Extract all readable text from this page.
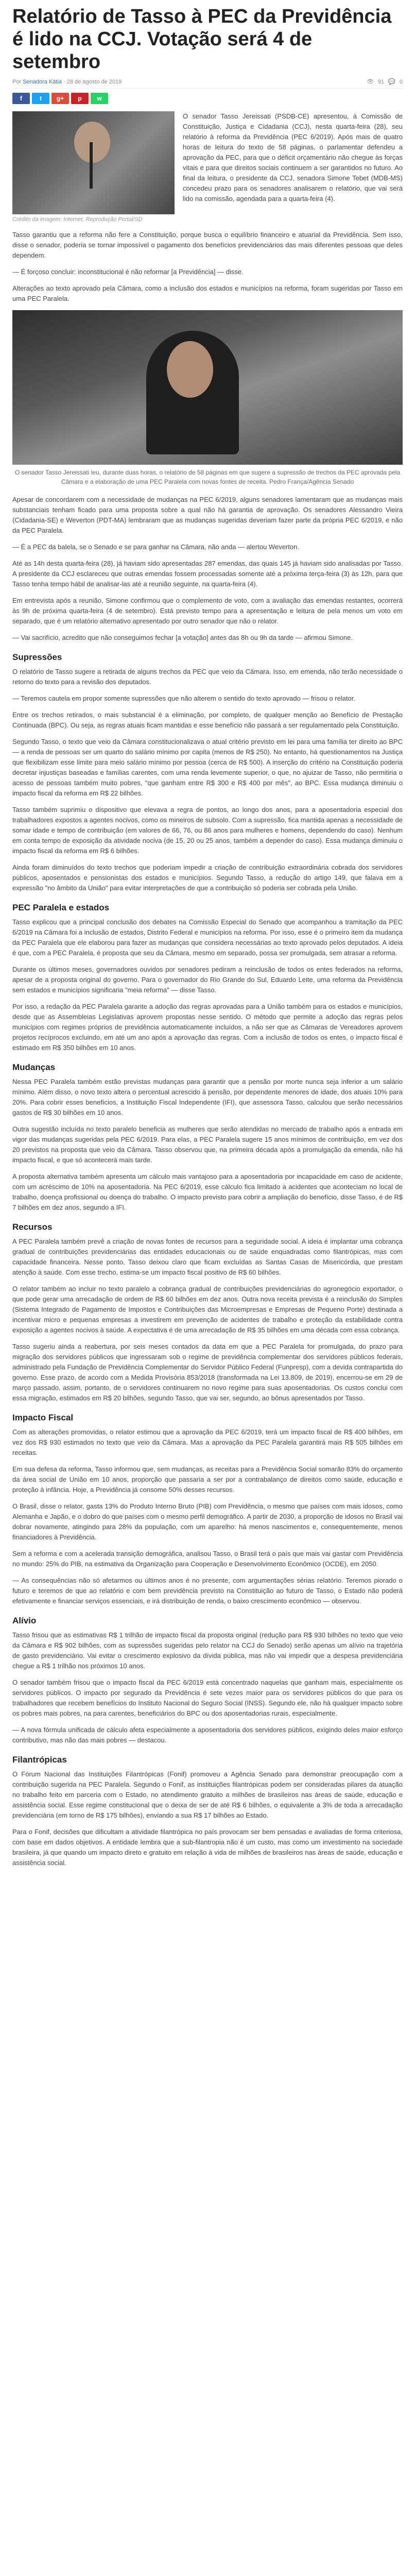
Relatório de Tasso à PEC da Previdência é lido na CCJ. Votação será 4 de setembro
Por Senadora Kátia - 28 de agosto de 2019	👁 91 💬 0
f	t	g+	p	w
Crédito da imagem: Internet. Reprodução Portal/SD

O senador Tasso Jereissati (PSDB-CE) apresentou, à Comissão de Constituição, Justiça e Cidadania (CCJ), nesta quarta-feira (28), seu relatório à reforma da Previdência (PEC 6/2019). Após mais de quatro horas de leitura do texto de 58 páginas, o parlamentar defendeu a aprovação da PEC, para que o déficit orçamentário não chegue às forças vitais e para que direitos sociais continuem a ser garantidos no futuro. Ao final da leitura, o presidente da CCJ, senadora Simone Tebet (MDB-MS) concedeu prazo para os senadores analisarem o relatório, que vai será lido na comissão, agendada para a quarta-feira (4).

Tasso garantiu que a reforma não fere a Constituição, porque busca o equilíbrio financeiro e atuarial da Previdência. Sem isso, disse o senador, poderia se tornar impossível o pagamento dos benefícios previdenciários das mais diferentes pessoas que deles dependem.

— É forçoso concluir: inconstitucional é não reformar [a Previdência] — disse.

Alterações ao texto aprovado pela Câmara, como a inclusão dos estados e municípios na reforma, foram sugeridas por Tasso em uma PEC Paralela.

O senador Tasso Jereissati leu, durante duas horas, o relatório de 58 páginas em que sugere a supressão de trechos da PEC aprovada pela Câmara e a elaboração de uma PEC Paralela com novas fontes de receita. Pedro França/Agência Senado

Apesar de concordarem com a necessidade de mudanças na PEC 6/2019, alguns senadores lamentaram que as mudanças mais substanciais tenham ficado para uma proposta sobre a qual não há garantia de aprovação. Os senadores Alessandro Vieira (Cidadania-SE) e Weverton (PDT-MA) lembraram que as mudanças sugeridas deveriam fazer parte da própria PEC 6/2019, e não da PEC Paralela.

— É a PEC da balela, se o Senado e se para ganhar na Câmara, não anda — alertou Weverton.

Até as 14h desta quarta-feira (28), já haviam sido apresentadas 287 emendas, das quais 145 já haviam sido analisadas por Tasso. A presidente da CCJ esclareceu que outras emendas fossem processadas somente até a próxima terça-feira (3) às 12h, para que Tasso tenha tempo hábil de analisar-las até a reunião seguinte, na quarta-feira (4).

Em entrevista após a reunião, Simone confirmou que o complemento de voto, com a avaliação das emendas restantes, ocorrerá às 9h de próxima quarta-feira (4 de setembro). Está previsto tempo para a apresentação e leitura de pela menos um voto em separado, que é um relatório alternativo apresentado por outro senador que não o relator.

— Vai sacrifício, acredito que não conseguimos fechar [a votação] antes das 8h ou 9h da tarde — afirmou Simone.

Supressões

O relatório de Tasso sugere a retirada de alguns trechos da PEC que veio da Câmara. Isso, em emenda, não terão necessidade o retorno do texto para a revisão dos deputados.

— Teremos cautela em propor somente supressões que não alterem o sentido do texto aprovado — frisou o relator.

Entre os trechos retirados, o mais substancial é a eliminação, por completo, de qualquer menção ao Benefício de Prestação Continuada (BPC). Ou seja, as regras atuais ficam mantidas e esse benefício não passará a ser regulamentado pela Constituição.

Segundo Tasso, o texto que veio da Câmara constitucionalizava o atual critério previsto em lei para uma família ter direito ao BPC — a renda de pessoas ser um quarto do salário mínimo por capita (menos de R$ 250). No entanto, há questionamentos na Justiça que flexibilizam esse limite para meio salário mínimo por pessoa (cerca de R$ 500). A inserção do critério na Constituição poderia decretar injustiças baseadas e famílias carentes, com uma renda levemente superior, o que, no ajuizar de Tasso, não permitiria o acesso de pessoas também muito pobres, "que ganham entre R$ 300 e R$ 400 por mês", ao BPC. Essa mudança diminuiu o impacto fiscal da reforma em R$ 22 bilhões.

Tasso também suprimiu o dispositivo que elevava a regra de pontos, ao longo dos anos, para a aposentadoria especial dos trabalhadores expostos a agentes nocivos, como os mineiros de subsolo. Com a supressão, fica mantida apenas a necessidade de somar idade e tempo de contribuição (em valores de 66, 76, ou 86 anos para mulheres e homens, dependendo do caso). Nenhum em conta tempo de exposição da atividade nociva (de 15, 20 ou 25 anos, também a depender do caso). Essa mudança diminuiu o impacto fiscal da reforma em R$ 6 bilhões.

Ainda foram diminuídos do texto trechos que poderiam impedir a criação de contribuição extraordinária cobrada dos servidores públicos, aposentados e pensionistas dos estados e municípios. Segundo Tasso, a redução do artigo 149, que falava em a expressão "no âmbito da União" para evitar interpretações de que a contribuição só poderia ser cobrada pela União.

PEC Paralela e estados

Tasso explicou que a principal conclusão dos debates na Comissão Especial do Senado que acompanhou a tramitação da PEC 6/2019 na Câmara foi a inclusão de estados, Distrito Federal e municípios na reforma. Por isso, esse é o primeiro item da mudança da PEC Paralela que ele elaborou para fazer as mudanças que considera necessárias ao texto aprovado pelos deputados. A ideia é que, com a PEC Paralela, é proposta que seu da Câmara, mesmo em separado, possa ser promulgada, sem atrasar a reforma.

Durante os últimos meses, governadores ouvidos por senadores pediram a reinclusão de todos os entes federados na reforma, apesar de a proposta original do governo. Para o governador do Rio Grande do Sul, Eduardo Leite, uma reforma da Previdência sem estados e municípios significaria "meia reforma" — disse Tasso.

Por isso, a redação da PEC Paralela garante a adoção das regras aprovadas para a União também para os estados e municípios, desde que as Assembleias Legislativas aprovem propostas nesse sentido. O método que permite a adoção das regras pelos municípios com regimes próprios de previdência automaticamente incluídos, a não ser que as Câmaras de Vereadores aprovem projetos recíprocos excluindo, em até um ano após a aprovação das regras. Com a inclusão de todos os entes, o impacto fiscal é estimado em R$ 350 bilhões em 10 anos.

Mudanças

Nessa PEC Paralela também estão previstas mudanças para garantir que a pensão por morte nunca seja inferior a um salário mínimo. Além disso, o novo texto altera o percentual acrescido à pensão, por dependente menores de idade, dos atuais 10% para 20%. Para cobrir esses benefícios, a Instituição Fiscal Independente (IFI), que assessora Tasso, calculou que serão necessários gastos de R$ 30 bilhões em 10 anos.

Outra sugestão incluída no texto paralelo beneficia as mulheres que serão atendidas no mercado de trabalho após a entrada em vigor das mudanças sugeridas pela PEC 6/2019. Para elas, a PEC Paralela sugere 15 anos mínimos de contribuição, em vez dos 20 previstos na proposta que veio da Câmara. Tasso observou que, na primeira década após a promulgação da emenda, não há impacto fiscal, e que só acontecerá mais tarde.

A proposta alternativa também apresenta um cálculo mais vantajoso para a aposentadoria por incapacidade em caso de acidente, com um acréscimo de 10% na aposentadoria. Na PEC 6/2019, esse cálculo fica limitado a acidentes que aconteciam no local de trabalho, doença profissional ou doença do trabalho. O impacto previsto para cobrir a ampliação do benefício, disse Tasso, é de R$ 7 bilhões em dez anos, segundo a IFI.

Recursos

A PEC Paralela também prevê a criação de novas fontes de recursos para a seguridade social. A ideia é implantar uma cobrança gradual de contribuições previdenciárias das entidades educacionais ou de saúde enquadradas como filantrópicas, mas com capacidade financeira. Nesse ponto, Tasso deixou claro que ficam excluídas as Santas Casas de Misericórdia, que prestam atenção à saúde. Com esse trecho, estima-se um impacto fiscal positivo de R$ 60 bilhões.

O relator também ao incluir no texto paralelo a cobrança gradual de contribuições previdenciárias do agronegócio exportador, o que pode gerar uma arrecadação de ordem de R$ 60 bilhões em dez anos. Outra nova receita prevista é a reinclusão do Simples (Sistema Integrado de Pagamento de Impostos e Contribuições das Microempresas e Empresas de Pequeno Porte) destinada a incentivar micro e pequenas empresas a investirem em prevenção de acidentes de trabalho e proteção da estabilidade contra exposição a agentes nocivos à saúde. A expectativa é de uma arrecadação de R$ 35 bilhões em uma década com essa cobrança.

Tasso sugeriu ainda a reabertura, por seis meses contados da data em que a PEC Paralela for promulgada, do prazo para migração dos servidores públicos que ingressaram sob o regime de previdência complementar dos servidores públicos federais, administrado pela Fundação de Previdência Complementar do Servidor Público Federal (Funpresp), com a devida contrapartida do governo. Esse prazo, de acordo com a Medida Provisória 853/2018 (transformada na Lei 13.809, de 2019), encerrou-se em 29 de março passado, assim, portanto, de o servidores continuarem no novo regime para suas aposentadorias. Os custos conclui com essa migração, estimados em R$ 20 bilhões, segundo Tasso, que vai ser, segundo, ao bônus apresentados por Tasso.

Impacto Fiscal

Com as alterações promovidas, o relator estimou que a aprovação da PEC 6/2019, terá um impacto fiscal de R$ 400 bilhões, em vez dos R$ 930 estimados no texto que veio da Câmara. Mas a aprovação da PEC Paralela garantirá mais R$ 505 bilhões em receitas.

Em sua defesa da reforma, Tasso informou que, sem mudanças, as receitas para a Previdência Social somarão 83% do orçamento da área social de União em 10 anos, proporção que passaria a ser por a contrabalanço de direitos como saúde, educação e proteção à infância. Hoje, a Previdência já consome 50% desses recursos.

O Brasil, disse o relator, gasta 13% do Produto Interno Bruto (PIB) com Previdência, o mesmo que países com mais idosos, como Alemanha e Japão, e o dobro do que países com o mesmo perfil demográfico. A partir de 2030, a proporção de idosos no Brasil vai dobrar novamente, atingindo para 28% da população, com um aparelho: há menos nascimentos e, consequentemente, menos financiadores à Previdência.

Sem a reforma e com a acelerada transição demográfica, analisou Tasso, o Brasil terá o país que mais vai gastar com Previdência no mundo: 25% do PIB, na estimativa da Organização para Cooperação e Desenvolvimento Econômico (OCDE), em 2050.

— As consequências não só afetarmos ou últimos anos é no presente, com argumentações sérias relatório. Teremos piorado o futuro e teremos de que ao relatório e com bem previdência previsto na Constituição ao futuro de Tasso, o Estado não poderá efetivamente e financiar serviços essenciais, e irá distribuição de renda, o baixo crescimento econômico — observou.

Alívio

Tasso frisou que as estimativas R$ 1 trilhão de impacto fiscal da proposta original (redução para R$ 930 bilhões no texto que veio da Câmara e R$ 902 bilhões, com as supressões sugeridas pelo relator na CCJ do Senado) serão apenas um alívio na trajetória de gasto previdenciário. Vai evitar o crescimento explosivo da dívida pública, mas não vai impedir que a despesa previdenciária chegue a R$ 1 trilhão nos próximos 10 anos.

O senador também frisou que o impacto fiscal da PEC 6/2019 está concentrado naquelas que ganham mais, especialmente os servidores públicos. O impacto por segurado da Previdência é sete vezes maior para os servidores públicos do que para os trabalhadores que recebem benefícios do Instituto Nacional do Seguro Social (INSS). Segundo ele, não há qualquer impacto sobre os pobres mais pobres, na para carentes, beneficiários do BPC ou dos aposentadorias rurais, especialmente.

— A nova fórmula unificada de cálculo afeta especialmente a aposentadoria dos servidores públicos, exigindo deles maior esforço contributivo, mas não das mais pobres — destacou.

Filantrópicas

O Fórum Nacional das Instituições Filantrópicas (Fonif) promoveu a Agência Senado para demonstrar preocupação com a contribuição sugerida na PEC Paralela. Segundo o Fonif, as instituições filantrópicas podem ser consideradas pilares da atuação no trabalho feito em parceria com o Estado, no atendimento gratuito a milhões de brasileiros nas áreas de saúde, educação e assistência social. Esse regime constitucional que o deixa de ser de até R$ 6 bilhões, o equivalente a 3% de toda a arrecadação previdenciária (em torno de R$ 175 bilhões), enviando a sua R$ 17 bilhões ao Estado.

Para o Fonif, decisões que dificultam a atividade filantrópica no país provocam ser bem pensadas e avaliadas de forma criteriosa, com base em dados objetivos. A entidade lembra que a sub-filantropia não é um custo, mas como um investimento na sociedade brasileira, já que quando um impacto direto e gratuito em relação à vida de milhões de brasileiros nas áreas de saúde, educação e assistência social.
